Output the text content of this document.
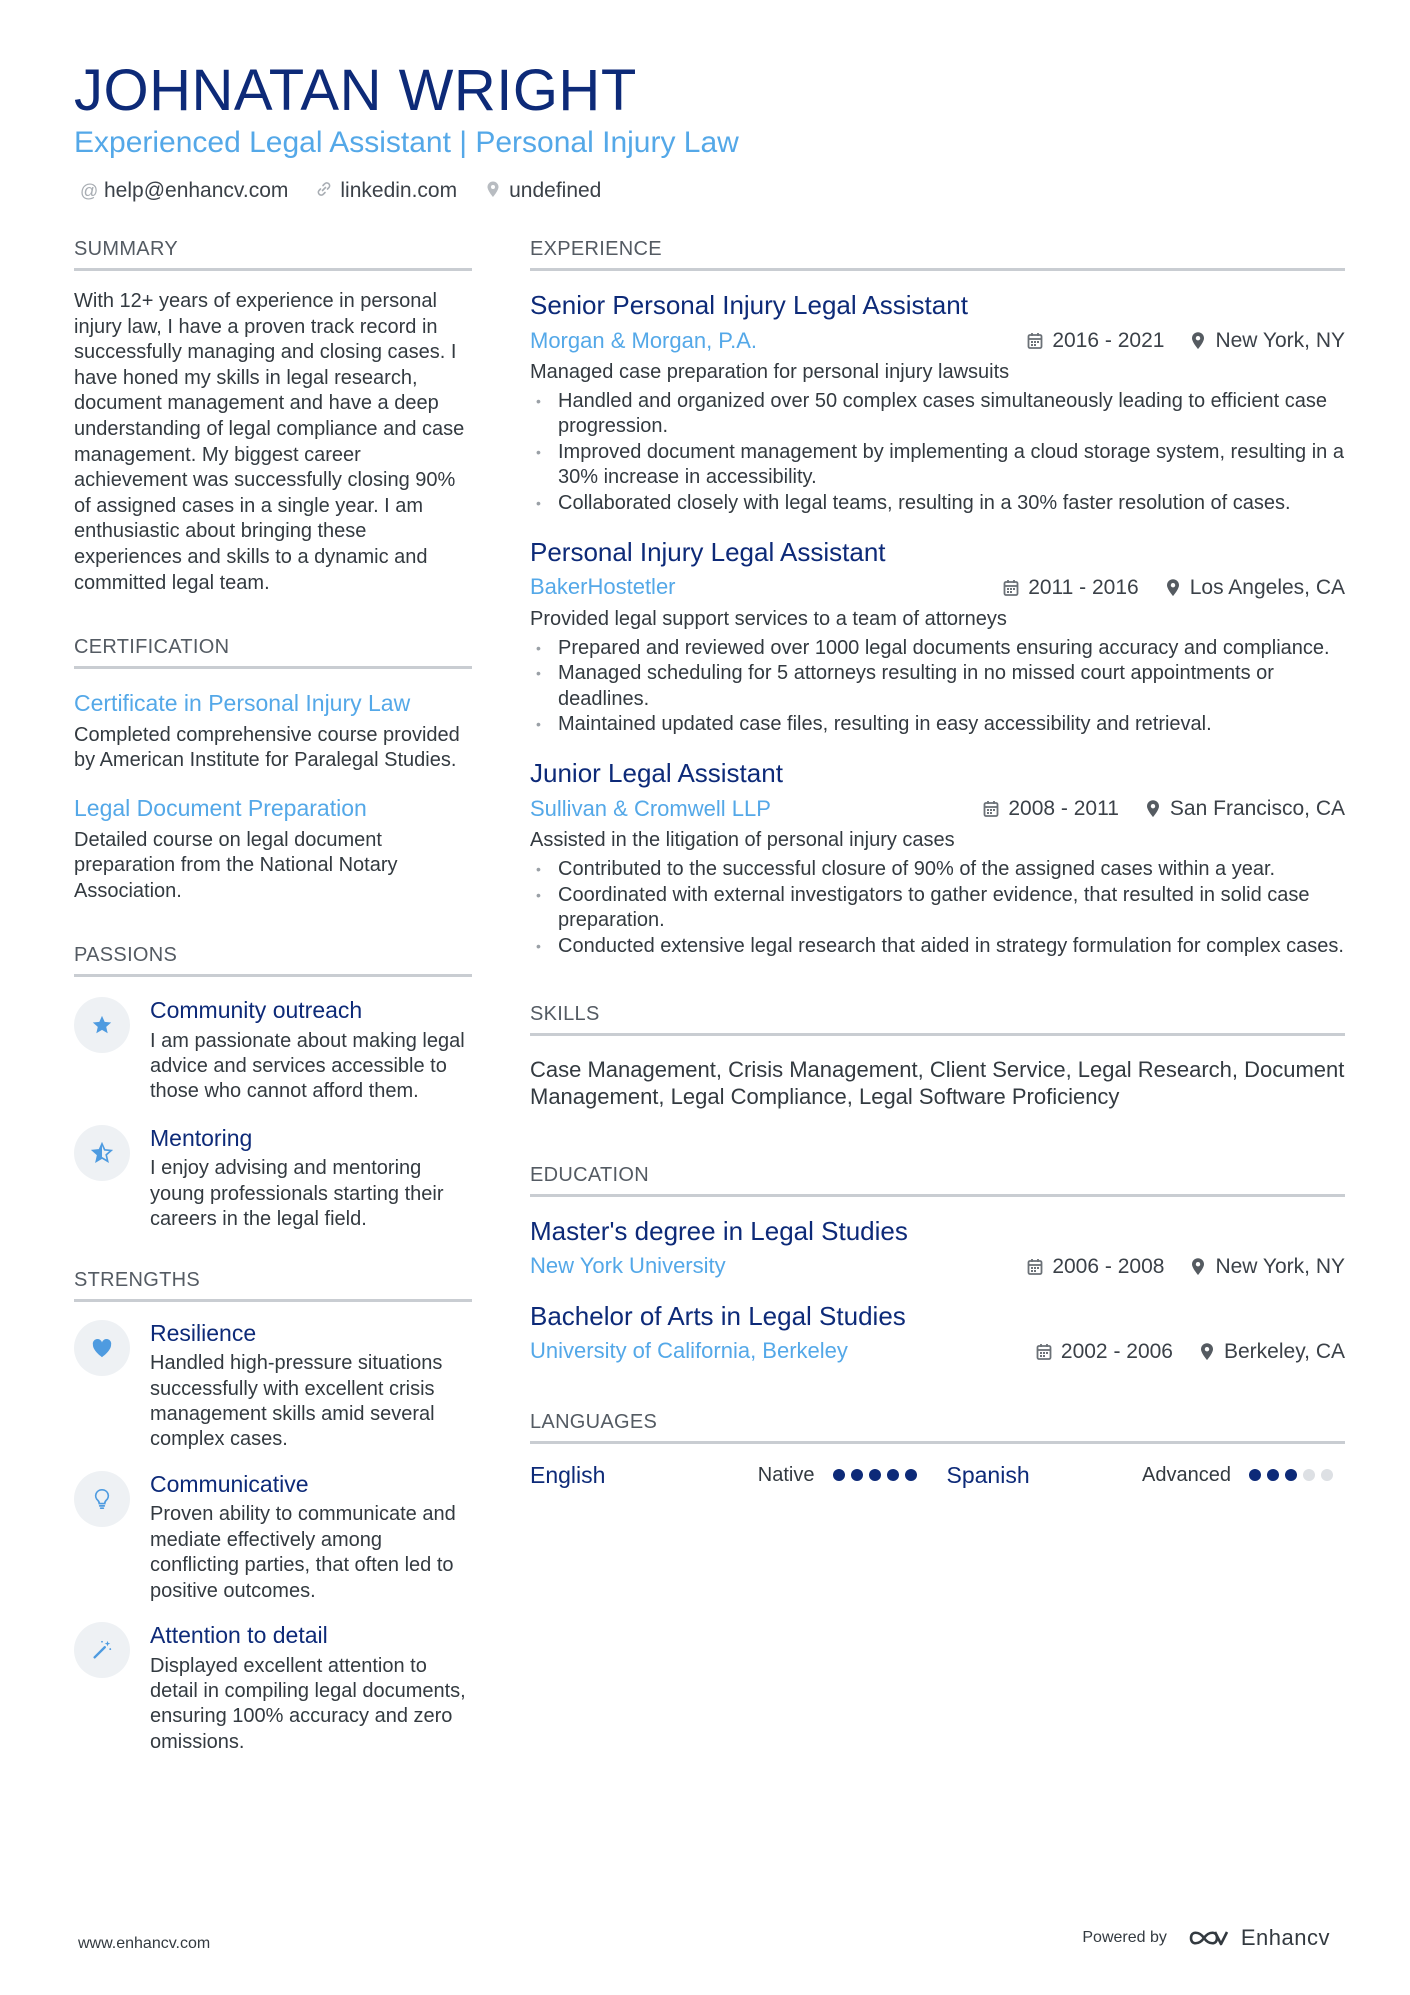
JOHNATAN WRIGHT
Experienced Legal Assistant | Personal Injury Law
@ help@enhancv.com linkedin.com undefined
SUMMARY
With 12+ years of experience in personal injury law, I have a proven track record in successfully managing and closing cases. I have honed my skills in legal research, document management and have a deep understanding of legal compliance and case management. My biggest career achievement was successfully closing 90% of assigned cases in a single year. I am enthusiastic about bringing these experiences and skills to a dynamic and committed legal team.
CERTIFICATION
Certificate in Personal Injury Law
Completed comprehensive course provided by American Institute for Paralegal Studies.
Legal Document Preparation
Detailed course on legal document preparation from the National Notary Association.
PASSIONS
Community outreach
I am passionate about making legal advice and services accessible to those who cannot afford them.
Mentoring
I enjoy advising and mentoring young professionals starting their careers in the legal field.
STRENGTHS
Resilience
Handled high-pressure situations successfully with excellent crisis management skills amid several complex cases.
Communicative
Proven ability to communicate and mediate effectively among conflicting parties, that often led to positive outcomes.
Attention to detail
Displayed excellent attention to detail in compiling legal documents, ensuring 100% accuracy and zero omissions.
EXPERIENCE
Senior Personal Injury Legal Assistant
Morgan & Morgan, P.A.	2016 - 2021 New York, NY
Managed case preparation for personal injury lawsuits
• Handled and organized over 50 complex cases simultaneously leading to efficient case progression.
• Improved document management by implementing a cloud storage system, resulting in a 30% increase in accessibility.
• Collaborated closely with legal teams, resulting in a 30% faster resolution of cases.
Personal Injury Legal Assistant
BakerHostetler	2011 - 2016 Los Angeles, CA
Provided legal support services to a team of attorneys
• Prepared and reviewed over 1000 legal documents ensuring accuracy and compliance.
• Managed scheduling for 5 attorneys resulting in no missed court appointments or deadlines.
• Maintained updated case files, resulting in easy accessibility and retrieval.
Junior Legal Assistant
Sullivan & Cromwell LLP	2008 - 2011 San Francisco, CA
Assisted in the litigation of personal injury cases
• Contributed to the successful closure of 90% of the assigned cases within a year.
• Coordinated with external investigators to gather evidence, that resulted in solid case preparation.
• Conducted extensive legal research that aided in strategy formulation for complex cases.
SKILLS
Case Management, Crisis Management, Client Service, Legal Research, Document Management, Legal Compliance, Legal Software Proficiency
EDUCATION
Master's degree in Legal Studies
New York University	2006 - 2008 New York, NY
Bachelor of Arts in Legal Studies
University of California, Berkeley	2002 - 2006 Berkeley, CA
LANGUAGES
English	Native	Spanish	Advanced
www.enhancv.com	Powered by	Enhancv
